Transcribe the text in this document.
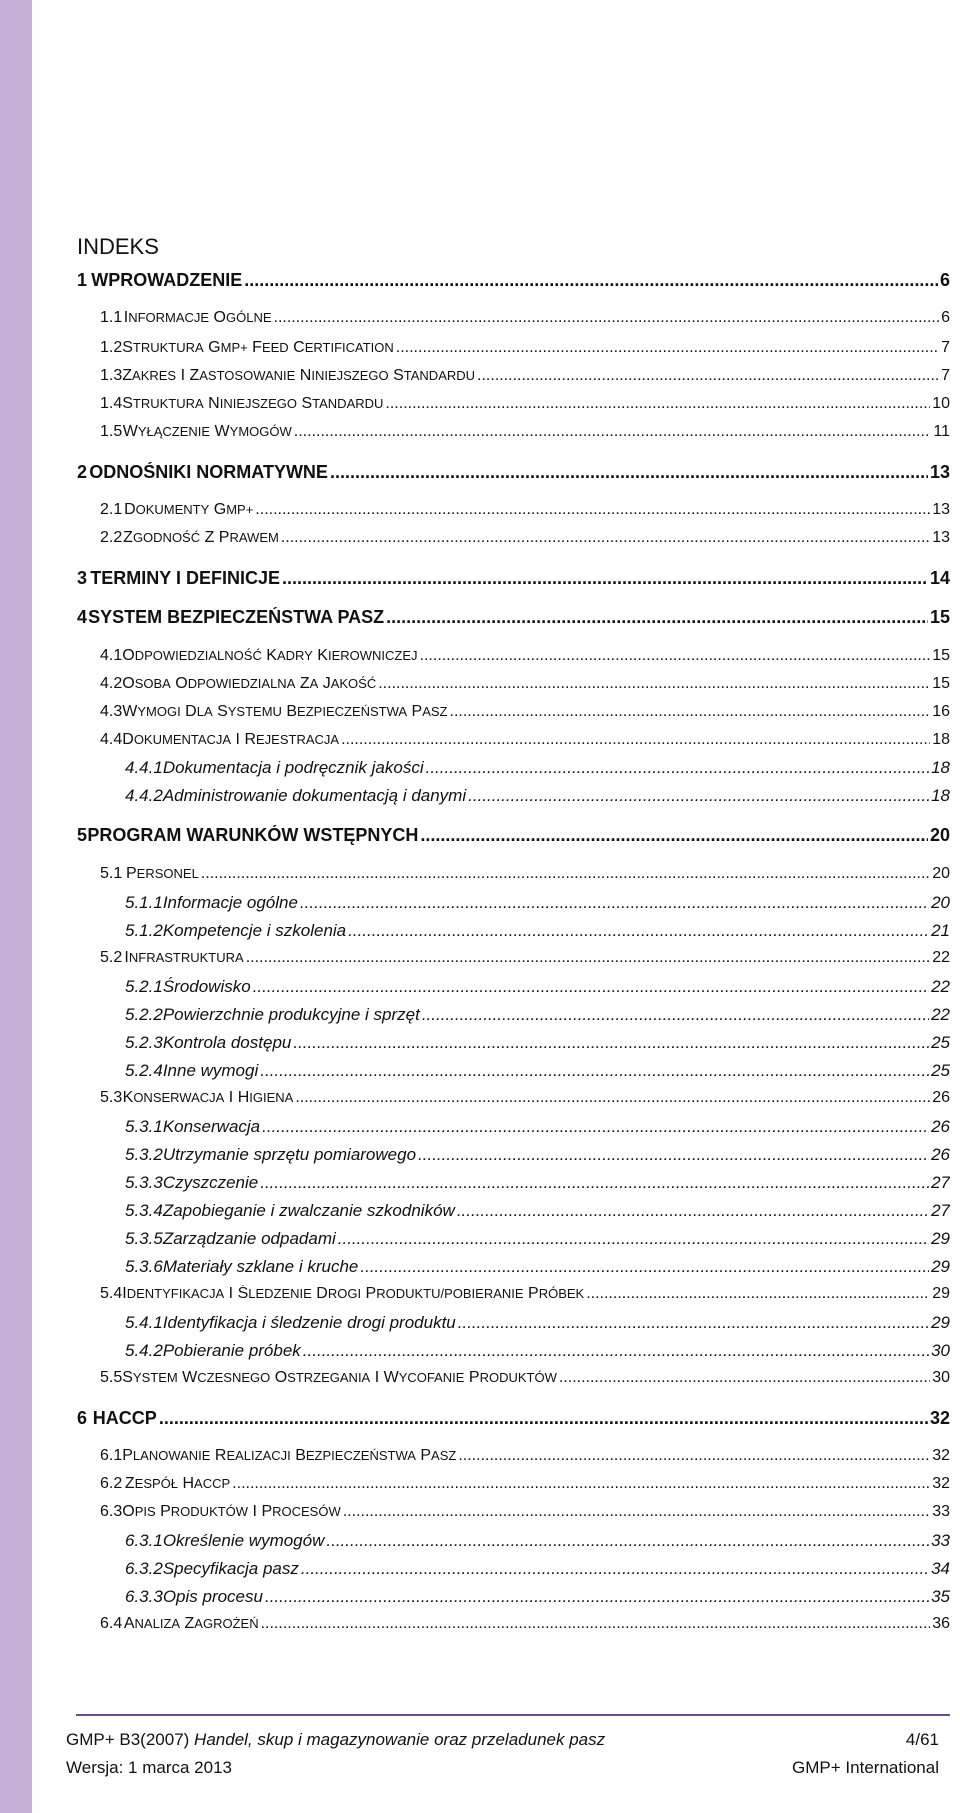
INDEKS
1 WPROWADZENIE .....	6
1.1 INFORMACJE OGÓLNE .....	6
1.2 STRUKTURA GMP+ FEED CERTIFICATION .....	7
1.3 ZAKRES I ZASTOSOWANIE NINIEJSZEGO STANDARDU .....	7
1.4 STRUKTURA NINIEJSZEGO STANDARDU .....	10
1.5 WYŁĄCZENIE WYMOGÓW .....	11
2 ODNOŚNIKI NORMATYWNE .....	13
2.1 DOKUMENTY GMP+ .....	13
2.2 ZGODNOŚĆ Z PRAWEM .....	13
3 TERMINY I DEFINICJE .....	14
4 SYSTEM BEZPIECZEŃSTWA PASZ .....	15
4.1 ODPOWIEDZIALNOŚĆ KADRY KIEROWNICZEJ .....	15
4.2 OSOBA ODPOWIEDZIALNA ZA JAKOŚĆ .....	15
4.3 WYMOGI DLA SYSTEMU BEZPIECZEŃSTWA PASZ .....	16
4.4 DOKUMENTACJA I REJESTRACJA .....	18
4.4.1 Dokumentacja i podręcznik jakości .....	18
4.4.2 Administrowanie dokumentacją i danymi .....	18
5 PROGRAM WARUNKÓW WSTĘPNYCH .....	20
5.1 PERSONEL .....	20
5.1.1 Informacje ogólne .....	20
5.1.2 Kompetencje i szkolenia .....	21
5.2 INFRASTRUKTURA .....	22
5.2.1 Środowisko .....	22
5.2.2 Powierzchnie produkcyjne i sprzęt .....	22
5.2.3 Kontrola dostępu .....	25
5.2.4 Inne wymogi .....	25
5.3 KONSERWACJA I HIGIENA .....	26
5.3.1 Konserwacja .....	26
5.3.2 Utrzymanie sprzętu pomiarowego .....	26
5.3.3 Czyszczenie .....	27
5.3.4 Zapobieganie i zwalczanie szkodników .....	27
5.3.5 Zarządzanie odpadami .....	29
5.3.6 Materiały szklane i kruche .....	29
5.4 IDENTYFIKACJA I ŚLEDZENIE DROGI PRODUKTU/POBIERANIE PRÓBEK .....	29
5.4.1 Identyfikacja i śledzenie drogi produktu .....	29
5.4.2 Pobieranie próbek .....	30
5.5 SYSTEM WCZESNEGO OSTRZEGANIA I WYCOFANIE PRODUKTÓW .....	30
6 HACCP .....	32
6.1 PLANOWANIE REALIZACJI BEZPIECZEŃSTWA PASZ .....	32
6.2 ZESPÓŁ HACCP .....	32
6.3 OPIS PRODUKTÓW I PROCESÓW .....	33
6.3.1 Określenie wymogów .....	33
6.3.2 Specyfikacja pasz .....	34
6.3.3 Opis procesu .....	35
6.4 ANALIZA ZAGROŻEŃ .....	36
GMP+ B3(2007) Handel, skup i magazynowanie oraz przeladunek pasz
Wersja: 1 marca 2013
4/61
GMP+ International
